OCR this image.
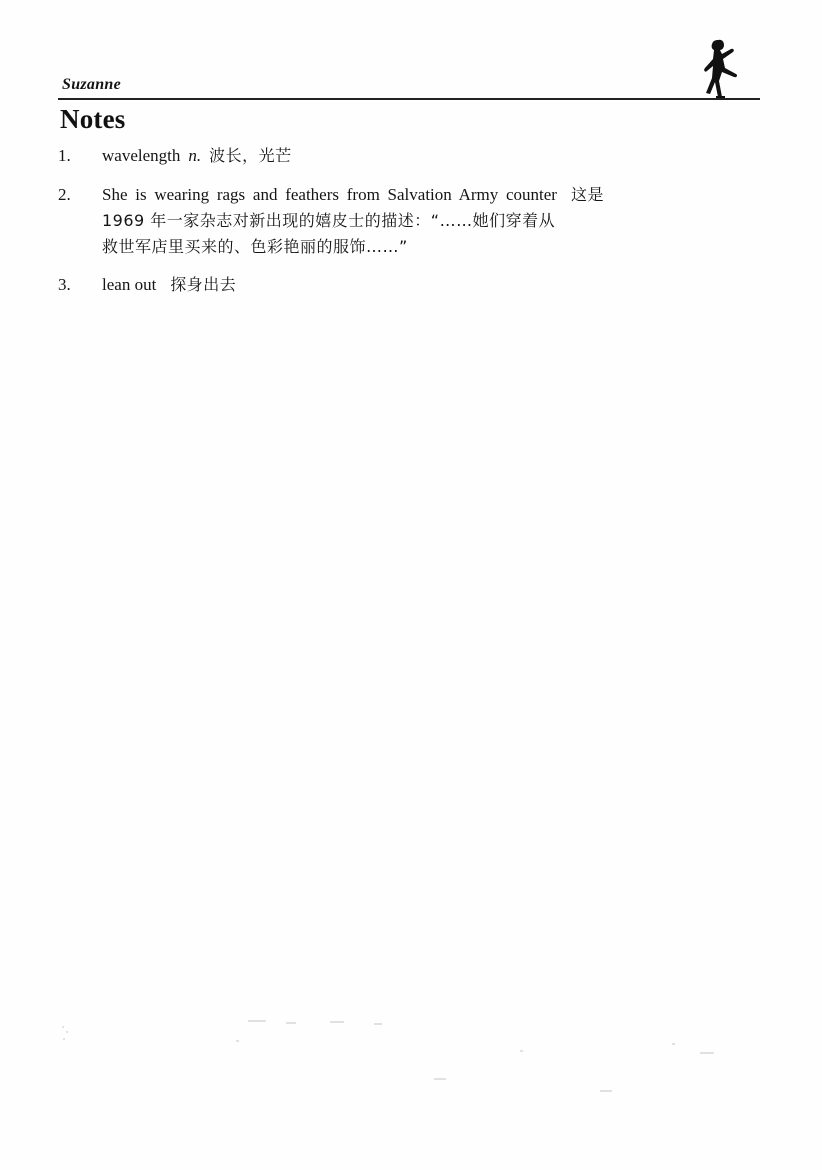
Suzanne
Notes
1.	wavelength n. 波长，光芒
2.	She is wearing rags and feathers from Salvation Army counter 这是
1969 年一家杂志对新出现的嬉皮士的描述：“……她们穿着从
救世军店里买来的、色彩艳丽的服饰……”
3.	lean out 探身出去
